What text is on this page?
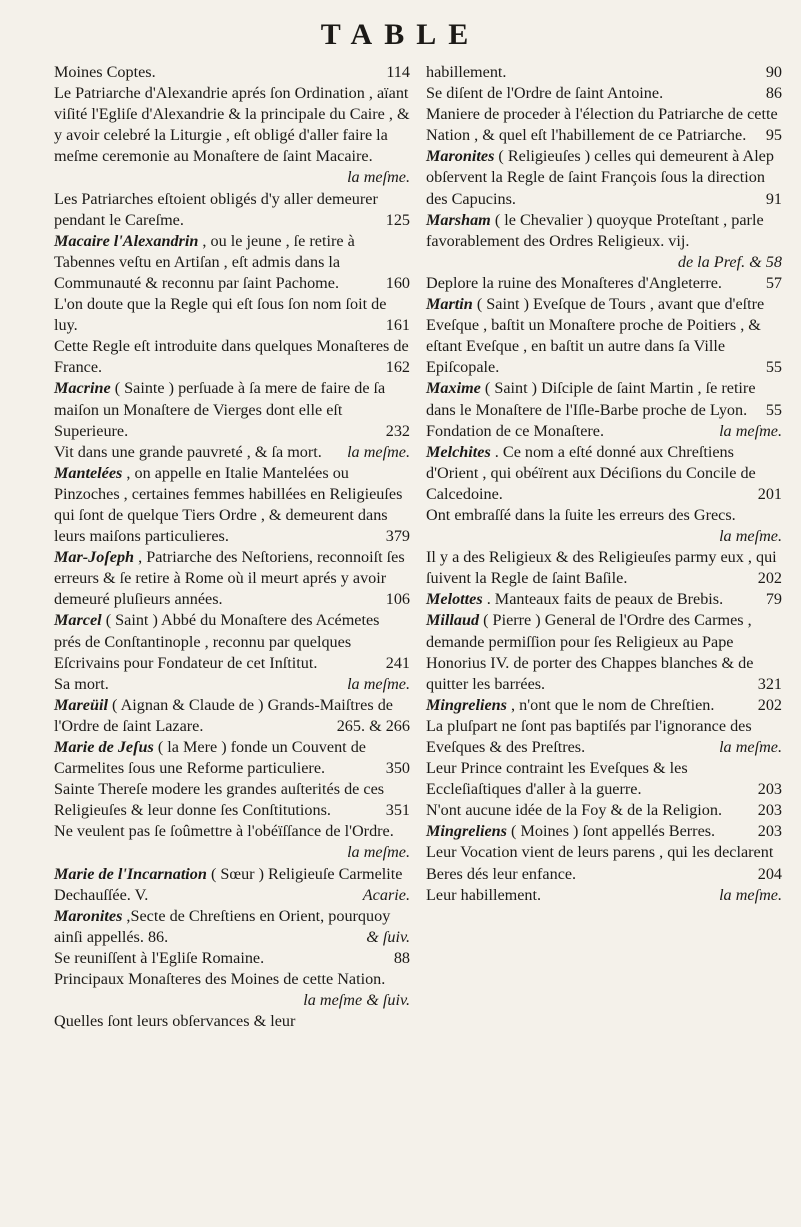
TABLE

Moines Coptes.	114

Le Patriarche d'Alexandrie aprés ſon Ordination , aïant viſité l'Egliſe d'Alexandrie & la principale du Caire , & y avoir celebré la Liturgie , eſt obligé d'aller faire la meſme ceremonie au Monaſtere de ſaint Macaire.
la meſme.

Les Patriarches eſtoient obligés d'y aller demeurer pendant le Careſme.	125

Macaire l'Alexandrin , ou le jeune , ſe retire à Tabennes veſtu en Artiſan , eſt admis dans la Communauté & reconnu par ſaint Pachome.	160

L'on doute que la Regle qui eſt ſous ſon nom ſoit de luy.	161

Cette Regle eſt introduite dans quelques Monaſteres de France.	162

Macrine ( Sainte ) perſuade à ſa mere de faire de ſa maiſon un Monaſtere de Vierges dont elle eſt Superieure.	232

Vit dans une grande pauvreté , & ſa mort. la meſme.

Mantelées , on appelle en Italie Mantelées ou Pinzoches , certaines femmes habillées en Religieuſes qui ſont de quelque Tiers Ordre , & demeurent dans leurs maiſons particulieres.	379

Mar-Joſeph , Patriarche des Neſtoriens, reconnoiſt ſes erreurs & ſe retire à Rome où il meurt aprés y avoir demeuré pluſieurs années.	106

Marcel ( Saint ) Abbé du Monaſtere des Acémetes prés de Conſtantinople , reconnu par quelques Eſcrivains pour Fondateur de cet Inſtitut.	241

Sa mort.	la meſme.

Mareüil ( Aignan & Claude de ) Grands-Maiſtres de l'Ordre de ſaint Lazare.	265. & 266

Marie de Jeſus ( la Mere ) fonde un Couvent de Carmelites ſous une Reforme particuliere.	350

Sainte Thereſe modere les grandes auſterités de ces Religieuſes & leur donne ſes Conſtitutions.	351

Ne veulent pas ſe ſoûmettre à l'obéïſſance de l'Ordre.
la meſme.

Marie de l'Incarnation ( Sœur ) Religieuſe Carmelite Dechauſſée. V.	Acarie.

Maronites ,Secte de Chreſtiens en Orient, pourquoy ainſi appellés. 86.	& ſuiv.

Se reuniſſent à l'Egliſe Romaine.	88

Principaux Monaſteres des Moines de cette Nation.
la meſme & ſuiv.

Quelles ſont leurs obſervances & leur

habillement.	90

Se diſent de l'Ordre de ſaint Antoine.	86

Maniere de proceder à l'élection du Patriarche de cette Nation , & quel eſt l'habillement de ce Patriarche. 95

Maronites ( Religieuſes ) celles qui demeurent à Alep obſervent la Regle de ſaint François ſous la direction des Capucins.	91

Marsham ( le Chevalier ) quoyque Proteſtant , parle favorablement des Ordres Religieux. vij.
de la Pref. & 58

Deplore la ruine des Monaſteres d'Angleterre.	57

Martin ( Saint ) Eveſque de Tours , avant que d'eſtre Eveſque , baſtit un Monaſtere proche de Poitiers , & eſtant Eveſque , en baſtit un autre dans ſa Ville Epiſcopale.	55

Maxime ( Saint ) Diſciple de ſaint Martin , ſe retire dans le Monaſtere de l'Iſle-Barbe proche de Lyon. 55

Fondation de ce Monaſtere.	la meſme.

Melchites . Ce nom a eſté donné aux Chreſtiens d'Orient , qui obéïrent aux Déciſions du Concile de Calcedoine.	201

Ont embraſſé dans la ſuite les erreurs des Grecs.
la meſme.

Il y a des Religieux & des Religieuſes parmy eux , qui ſuivent la Regle de ſaint Baſile.	202

Melottes . Manteaux faits de peaux de Brebis.	79

Millaud ( Pierre ) General de l'Ordre des Carmes , demande permiſſion pour ſes Religieux au Pape Honorius IV. de porter des Chappes blanches & de quitter les barrées.	321

Mingreliens , n'ont que le nom de Chreſtien.	202

La pluſpart ne ſont pas baptiſés par l'ignorance des Eveſques & des Preſtres.	la meſme.

Leur Prince contraint les Eveſques & les Eccleſiaſtiques d'aller à la guerre.	203

N'ont aucune idée de la Foy & de la Religion. 203

Mingreliens ( Moines ) ſont appellés Berres.	203

Leur Vocation vient de leurs parens , qui les declarent Beres dés leur enfance.	204

Leur habillement.	la meſme.
